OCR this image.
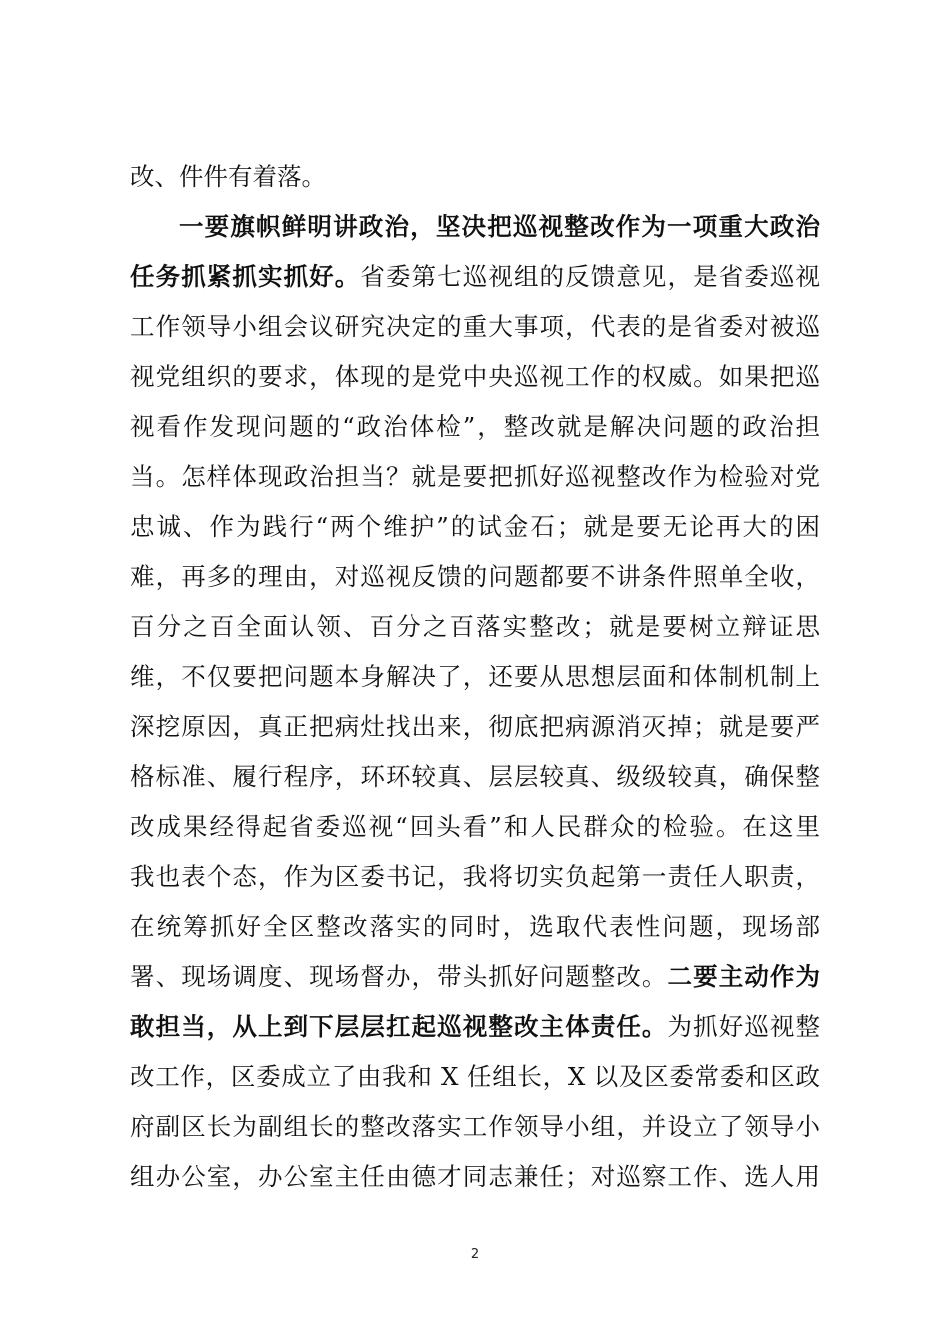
改、件件有着落。
一要旗帜鲜明讲政治，坚决把巡视整改作为一项重大政治
任务抓紧抓实抓好。省委第七巡视组的反馈意见，是省委巡视
工作领导小组会议研究决定的重大事项，代表的是省委对被巡
视党组织的要求，体现的是党中央巡视工作的权威。如果把巡
视看作发现问题的“政治体检”，整改就是解决问题的政治担
当。怎样体现政治担当？就是要把抓好巡视整改作为检验对党
忠诚、作为践行“两个维护”的试金石；就是要无论再大的困
难，再多的理由，对巡视反馈的问题都要不讲条件照单全收，
百分之百全面认领、百分之百落实整改；就是要树立辩证思
维，不仅要把问题本身解决了，还要从思想层面和体制机制上
深挖原因，真正把病灶找出来，彻底把病源消灭掉；就是要严
格标准、履行程序，环环较真、层层较真、级级较真，确保整
改成果经得起省委巡视“回头看”和人民群众的检验。在这里
我也表个态，作为区委书记，我将切实负起第一责任人职责，
在统筹抓好全区整改落实的同时，选取代表性问题，现场部
署、现场调度、现场督办，带头抓好问题整改。二要主动作为
敢担当，从上到下层层扛起巡视整改主体责任。为抓好巡视整
改工作，区委成立了由我和 X 任组长，X 以及区委常委和区政
府副区长为副组长的整改落实工作领导小组，并设立了领导小
组办公室，办公室主任由德才同志兼任；对巡察工作、选人用
2
